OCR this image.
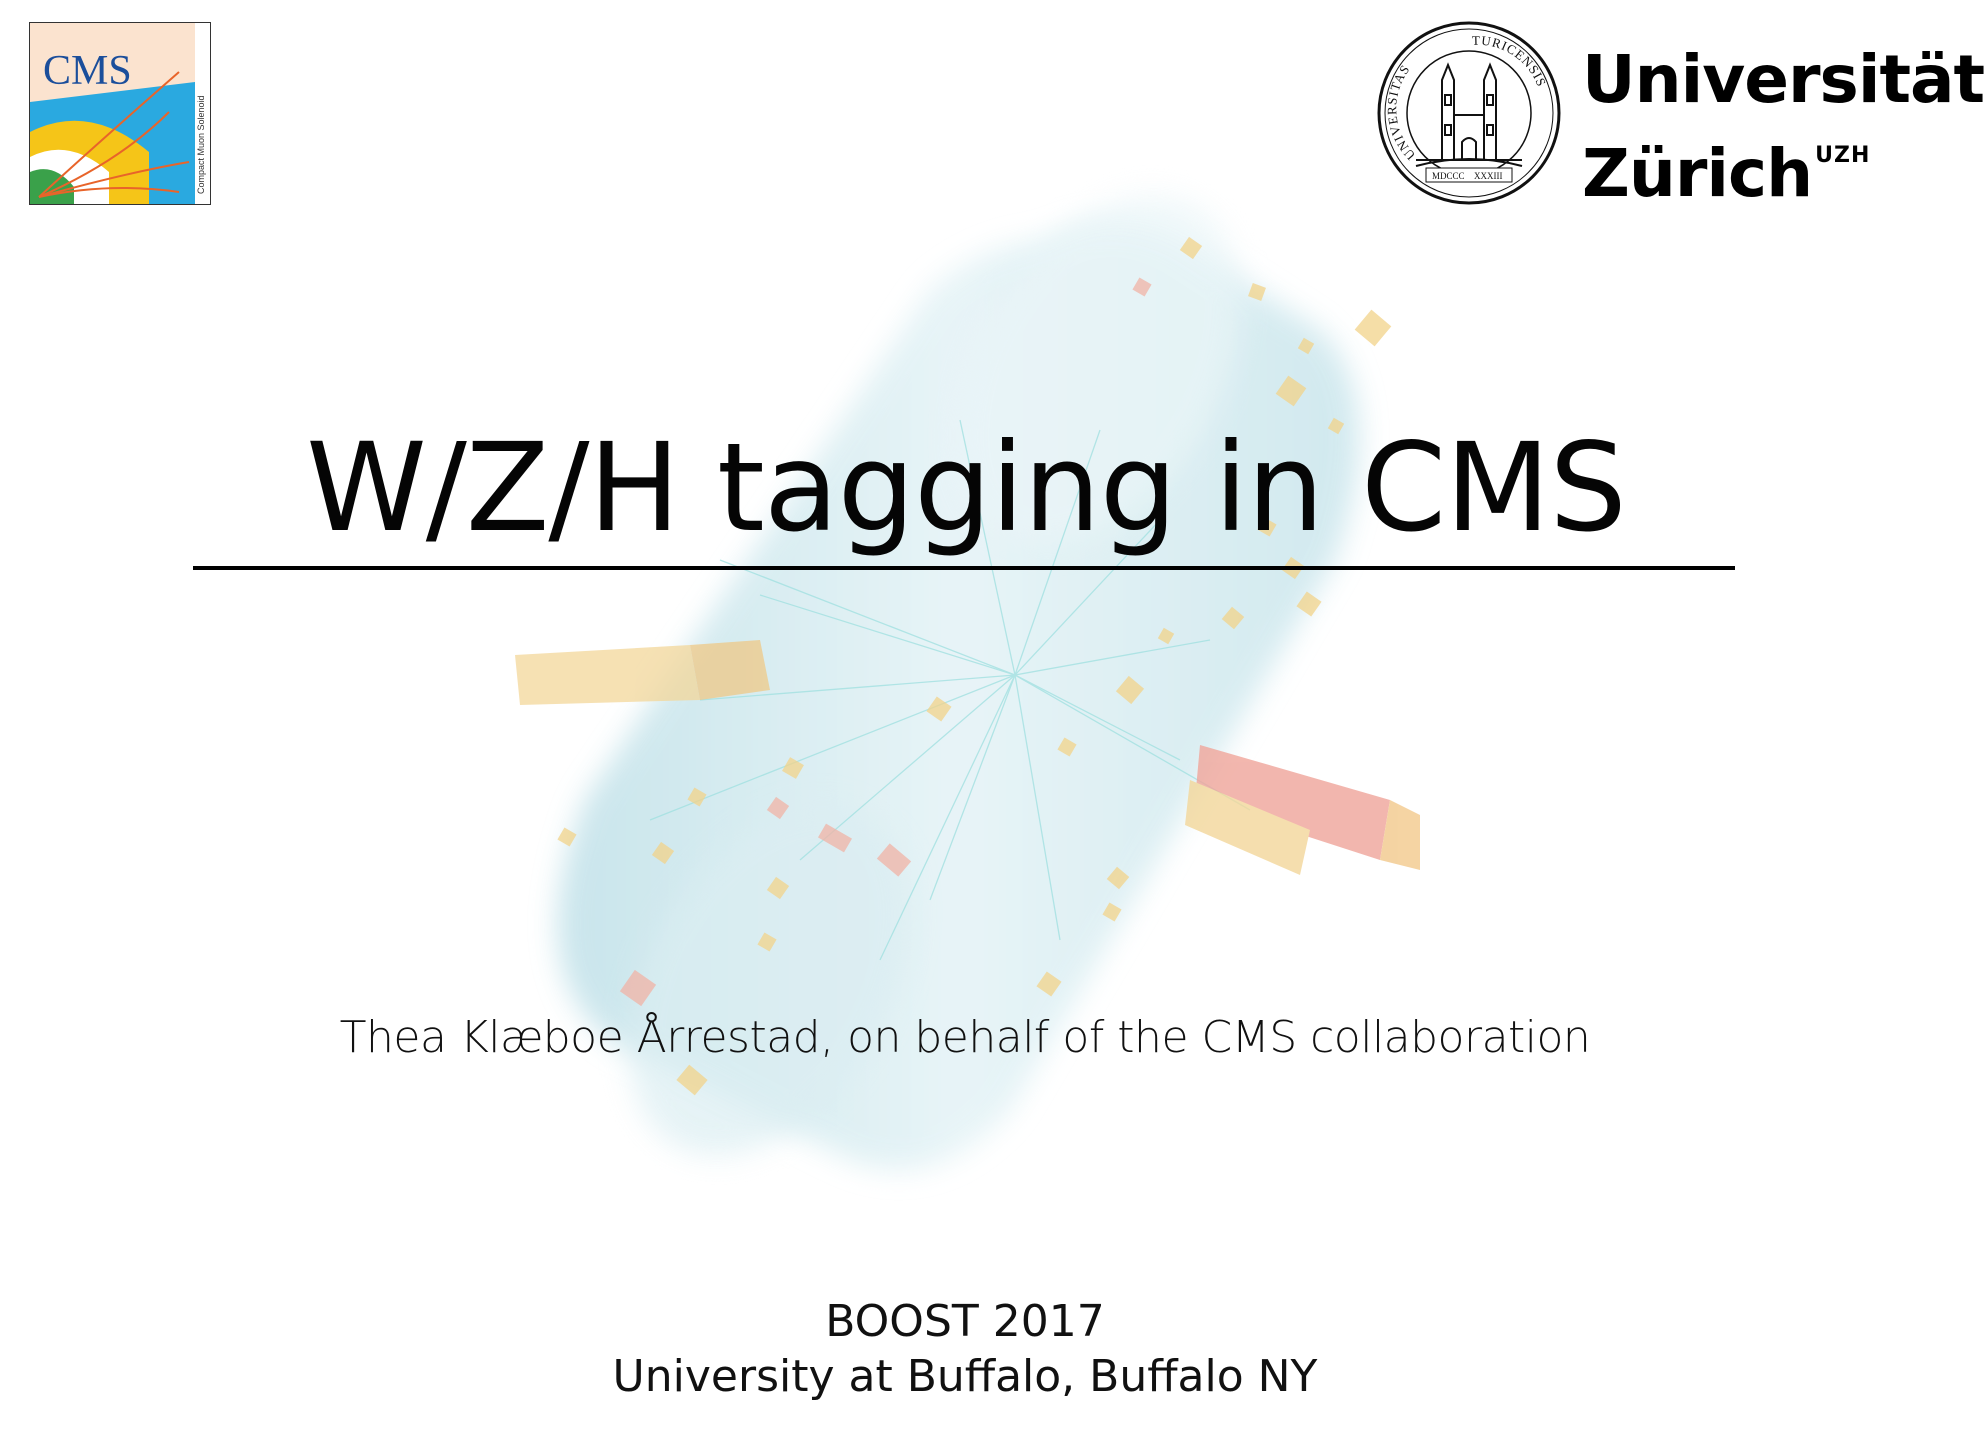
CMS
Compact Muon Solenoid	UNIVERSITAS
TURICENSIS
MDCCC XXXIII
Universität
Zürich $^{UZH}$
W/Z/H tagging in CMS
Thea Klæboe Årrestad, on behalf of the CMS collaboration
BOOST 2017
University at Buffalo, Buffalo NY
